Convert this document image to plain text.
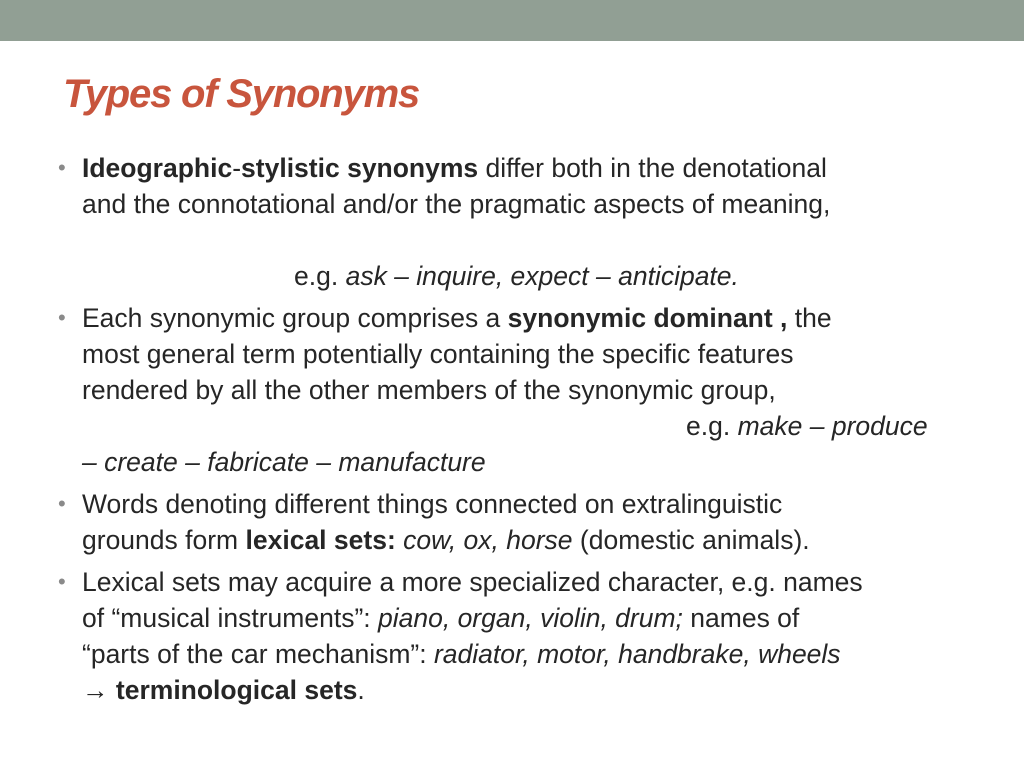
Types of Synonyms
• Ideographic-stylistic synonyms differ both in the denotational
and the connotational and/or the pragmatic aspects of meaning,
e.g. ask – inquire, expect – anticipate.
• Each synonymic group comprises a synonymic dominant , the
most general term potentially containing the specific features
rendered by all the other members of the synonymic group,
e.g. make – produce
– create – fabricate – manufacture
• Words denoting different things connected on extralinguistic
grounds form lexical sets: cow, ox, horse (domestic animals).
• Lexical sets may acquire a more specialized character, e.g. names
of “musical instruments”: piano, organ, violin, drum; names of
“parts of the car mechanism”: radiator, motor, handbrake, wheels
→ terminological sets.
